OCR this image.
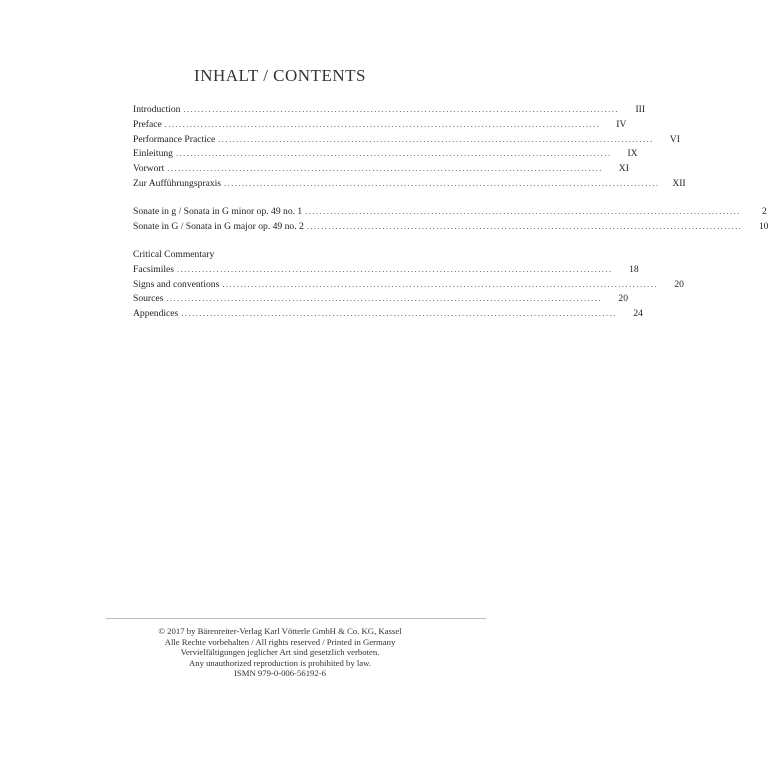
INHALT / CONTENTS
Introduction .........................................................................................................................	III
Preface .........................................................................................................................	IV
Performance Practice .........................................................................................................................	VI
Einleitung .........................................................................................................................	IX
Vorwort .........................................................................................................................	XI
Zur Aufführungspraxis .........................................................................................................................	XII
Sonate in g / Sonata in G minor op. 49 no. 1 .........................................................................................................................	2
Sonate in G / Sonata in G major op. 49 no. 2 .........................................................................................................................	10
Critical Commentary
Facsimiles .........................................................................................................................	18
Signs and conventions .........................................................................................................................	20
Sources .........................................................................................................................	20
Appendices .........................................................................................................................	24
© 2017 by Bärenreiter-Verlag Karl Vötterle GmbH & Co. KG, Kassel
Alle Rechte vorbehalten / All rights reserved / Printed in Germany
Vervielfältigungen jeglicher Art sind gesetzlich verboten.
Any unauthorized reproduction is prohibited by law.
ISMN 979-0-006-56192-6
